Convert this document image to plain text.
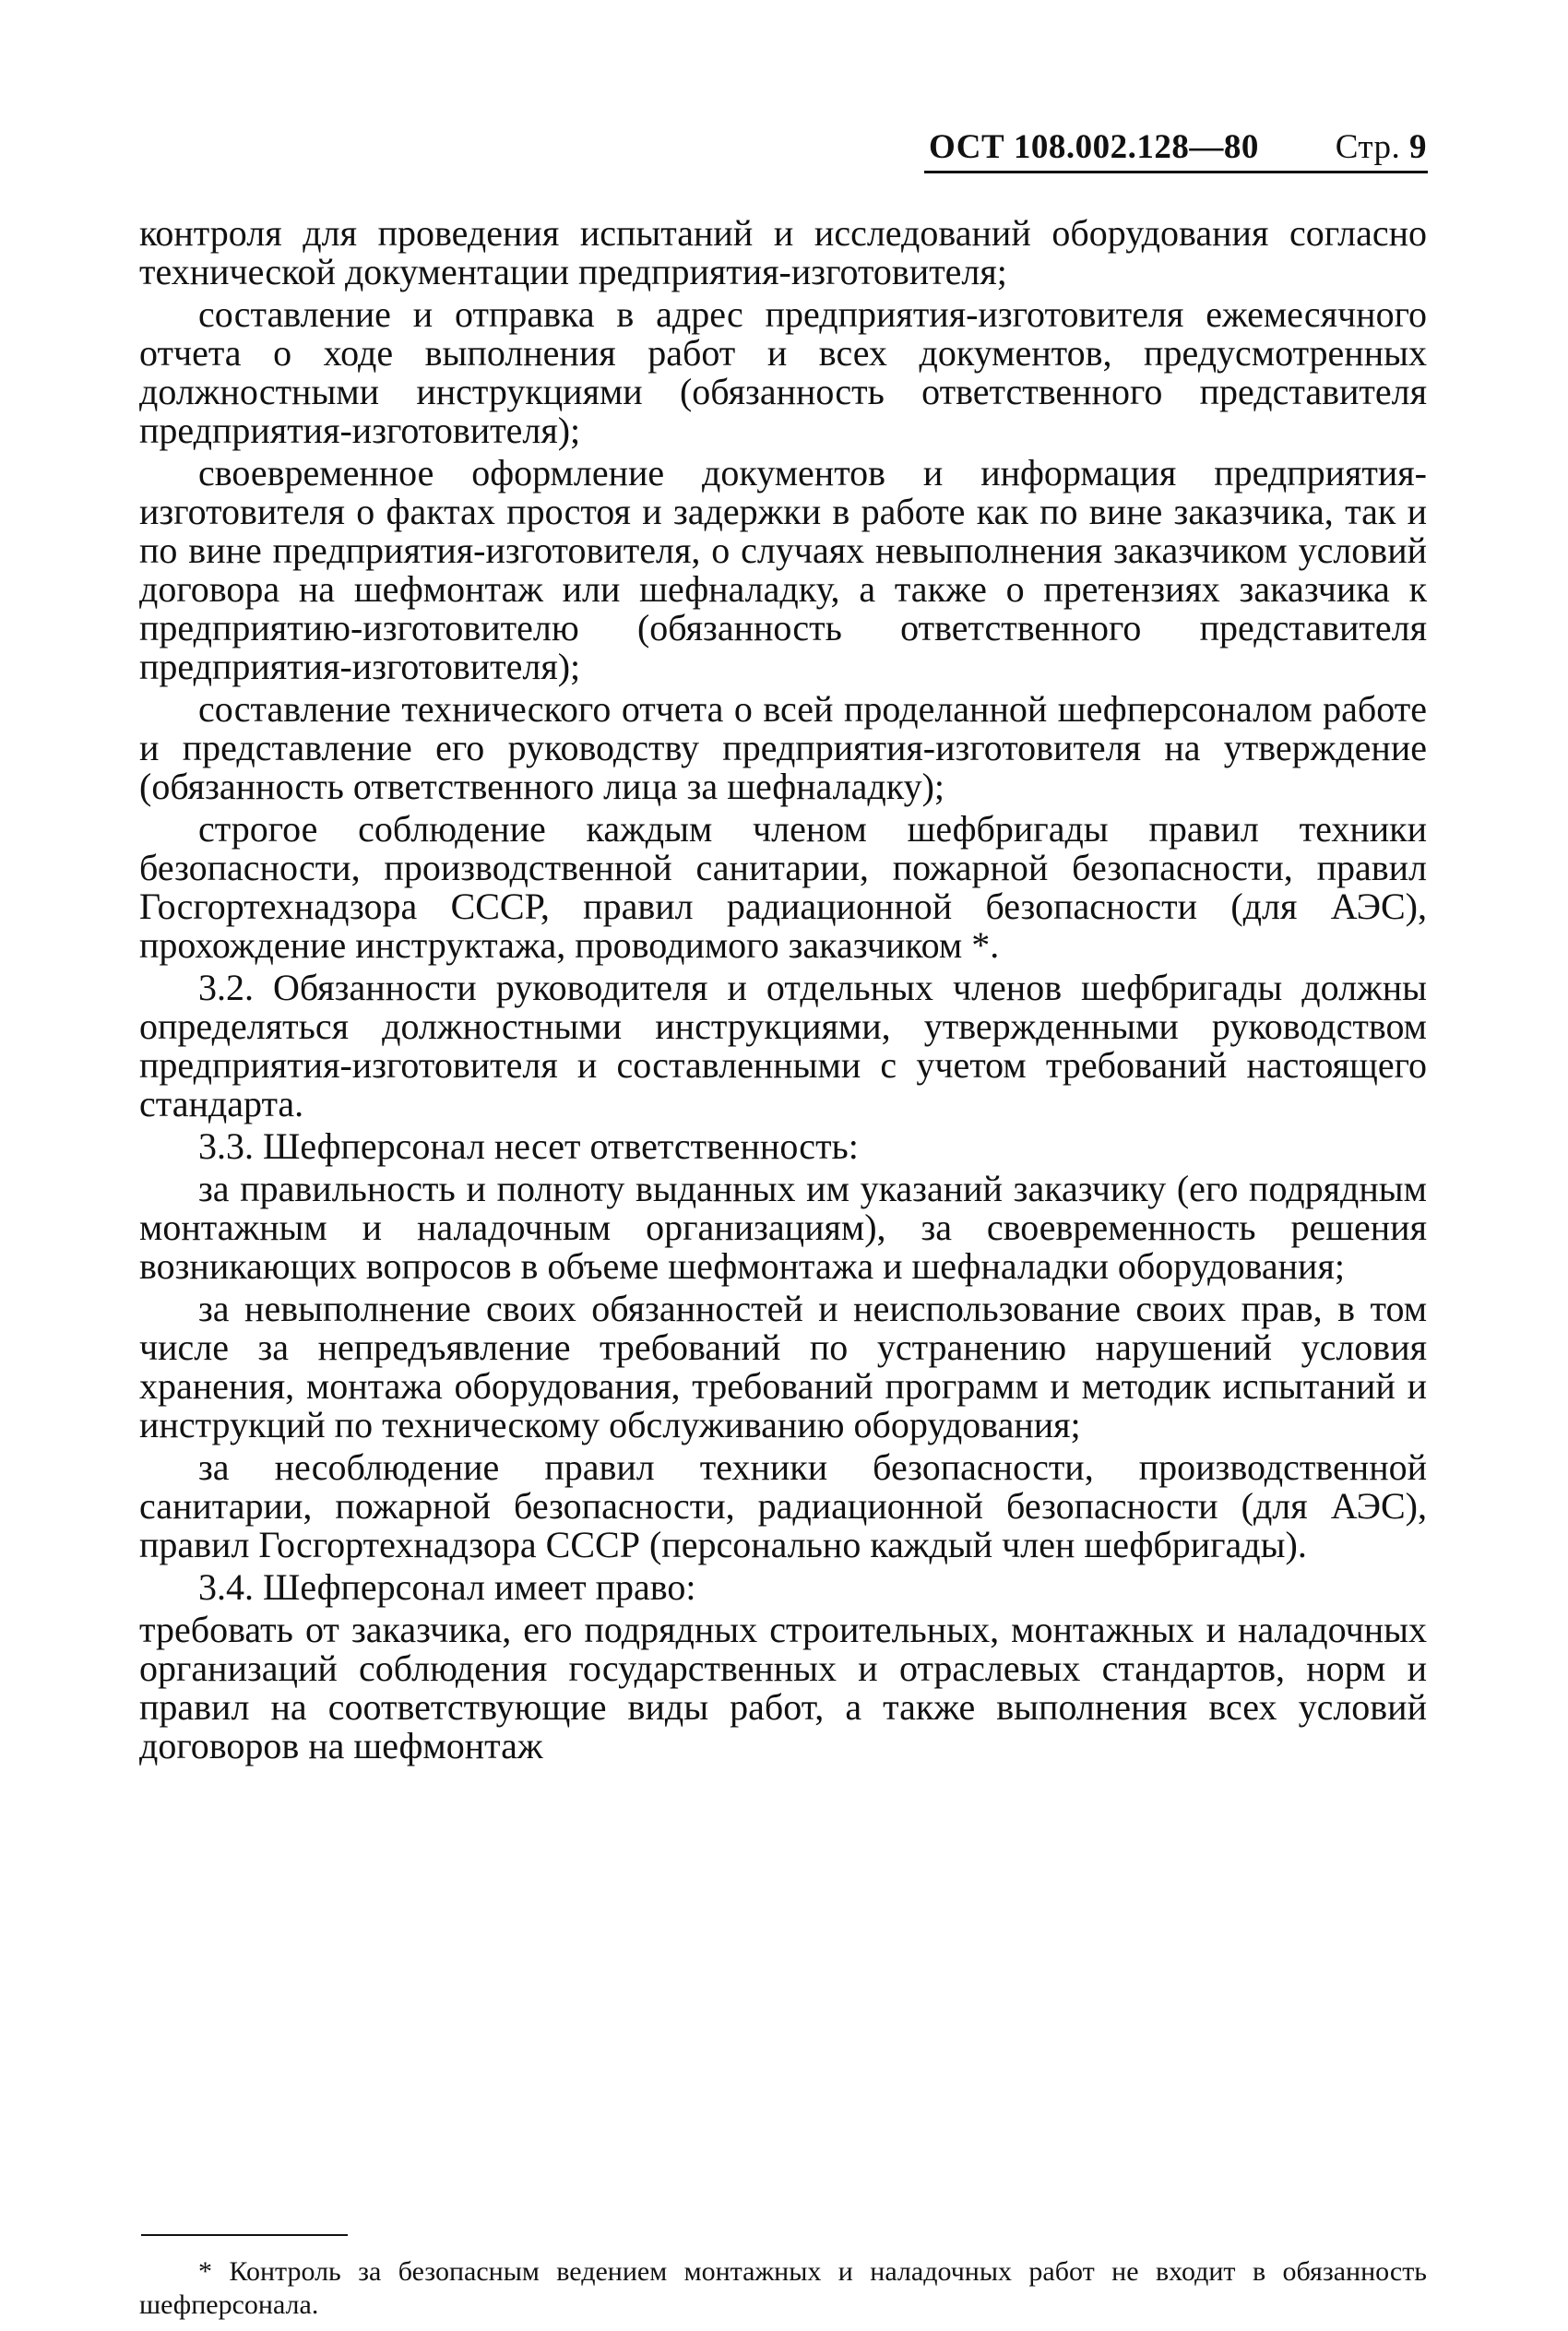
ОСТ 108.002.128—80 Стр. 9

контроля для проведения испытаний и исследований оборудования согласно технической документации предприятия-изготовителя;

составление и отправка в адрес предприятия-изготовителя ежемесячного отчета о ходе выполнения работ и всех документов, предусмотренных должностными инструкциями (обязанность ответственного представителя предприятия-изготовителя);

своевременное оформление документов и информация предприятия-изготовителя о фактах простоя и задержки в работе как по вине заказчика, так и по вине предприятия-изготовителя, о случаях невыполнения заказчиком условий договора на шефмонтаж или шефналадку, а также о претензиях заказчика к предприятию-изготовителю (обязанность ответственного представителя предприятия-изготовителя);

составление технического отчета о всей проделанной шефперсоналом работе и представление его руководству предприятия-изготовителя на утверждение (обязанность ответственного лица за шефналадку);

строгое соблюдение каждым членом шефбригады правил техники безопасности, производственной санитарии, пожарной безопасности, правил Госгортехнадзора СССР, правил радиационной безопасности (для АЭС), прохождение инструктажа, проводимого заказчиком *.

3.2. Обязанности руководителя и отдельных членов шефбригады должны определяться должностными инструкциями, утвержденными руководством предприятия-изготовителя и составленными с учетом требований настоящего стандарта.

3.3. Шефперсонал несет ответственность:

за правильность и полноту выданных им указаний заказчику (его подрядным монтажным и наладочным организациям), за своевременность решения возникающих вопросов в объеме шефмонтажа и шефналадки оборудования;

за невыполнение своих обязанностей и неиспользование своих прав, в том числе за непредъявление требований по устранению нарушений условия хранения, монтажа оборудования, требований программ и методик испытаний и инструкций по техническому обслуживанию оборудования;

за несоблюдение правил техники безопасности, производственной санитарии, пожарной безопасности, радиационной безопасности (для АЭС), правил Госгортехнадзора СССР (персонально каждый член шефбригады).

3.4. Шефперсонал имеет право:

требовать от заказчика, его подрядных строительных, монтажных и наладочных организаций соблюдения государственных и отраслевых стандартов, норм и правил на соответствующие виды работ, а также выполнения всех условий договоров на шефмонтаж

* Контроль за безопасным ведением монтажных и наладочных работ не входит в обязанность шефперсонала.
